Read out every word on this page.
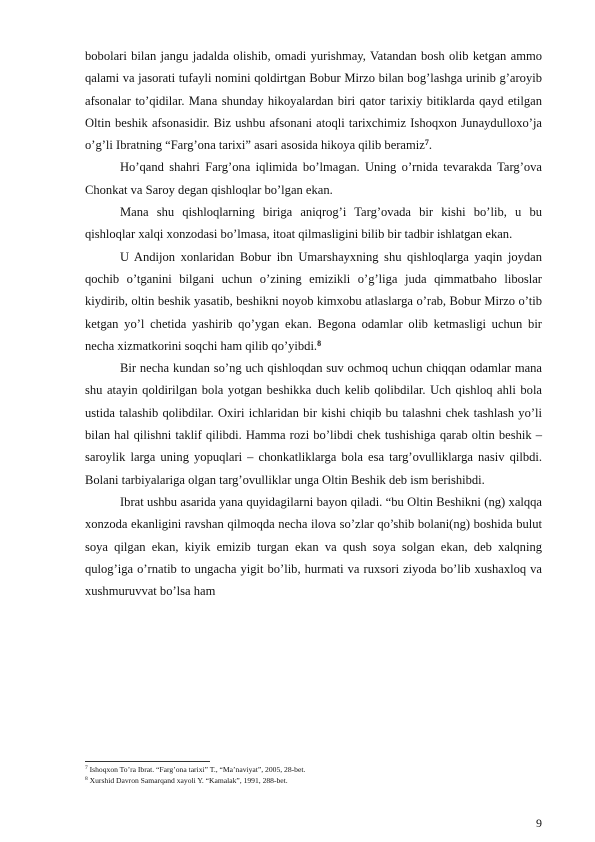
bobolari bilan jangu jadalda olishib, omadi yurishmay, Vatandan bosh olib ketgan ammo qalami va jasorati tufayli nomini qoldirtgan Bobur Mirzo bilan bog’lashga urinib g’aroyib afsonalar to’qidilar. Mana shunday hikoyalardan biri qator tarixiy bitiklarda qayd etilgan Oltin beshik afsonasidir. Biz ushbu afsonani atoqli tarixchimiz Ishoqxon Junaydulloxo’ja o’g’li Ibratning “Farg’ona tarixi” asari asosida hikoya qilib beramiz$^7$.

Ho’qand shahri Farg’ona iqlimida bo’lmagan. Uning o’rnida tevarakda Targ’ova Chonkat va Saroy degan qishloqlar bo’lgan ekan.

Mana shu qishloqlarning biriga aniqrog’i Targ’ovada bir kishi bo’lib, u bu qishloqlar xalqi xonzodasi bo’lmasa, itoat qilmasligini bilib bir tadbir ishlatgan ekan.

U Andijon xonlaridan Bobur ibn Umarshayxning shu qishloqlarga yaqin joydan qochib o’tganini bilgani uchun o’zining emizikli o’g’liga juda qimmatbaho liboslar kiydirib, oltin beshik yasatib, beshikni noyob kimxobu atlaslarga o’rab, Bobur Mirzo o’tib ketgan yo’l chetida yashirib qo’ygan ekan. Begona odamlar olib ketmasligi uchun bir necha xizmatkorini soqchi ham qilib qo’yibdi.$^8$

Bir necha kundan so’ng uch qishloqdan suv ochmoq uchun chiqqan odamlar mana shu atayin qoldirilgan bola yotgan beshikka duch kelib qolibdilar. Uch qishloq ahli bola ustida talashib qolibdilar. Oxiri ichlaridan bir kishi chiqib bu talashni chek tashlash yo’li bilan hal qilishni taklif qilibdi. Hamma rozi bo’libdi chek tushishiga qarab oltin beshik –saroylik larga uning yopuqlari – chonkatliklarga bola esa targ’ovulliklarga nasiv qilbdi. Bolani tarbiyalariga olgan targ’ovulliklar unga Oltin Beshik deb ism berishibdi.

Ibrat ushbu asarida yana quyidagilarni bayon qiladi. “bu Oltin Beshikni (ng) xalqqa xonzoda ekanligini ravshan qilmoqda necha ilova so’zlar qo’shib bolani(ng) boshida bulut soya qilgan ekan, kiyik emizib turgan ekan va qush soya solgan ekan, deb xalqning qulog’iga o’rnatib to ungacha yigit bo’lib, hurmati va ruxsori ziyoda bo’lib xushaxloq va xushmuruvvat bo’lsa ham

$^7$ Ishoqxon To’ra Ibrat. “Farg’ona tarixi” T., “Ma’naviyat”, 2005, 28-bet.
$^8$ Xurshid Davron Samarqand xayoli Y. “Kamalak”, 1991, 288-bet.
9
